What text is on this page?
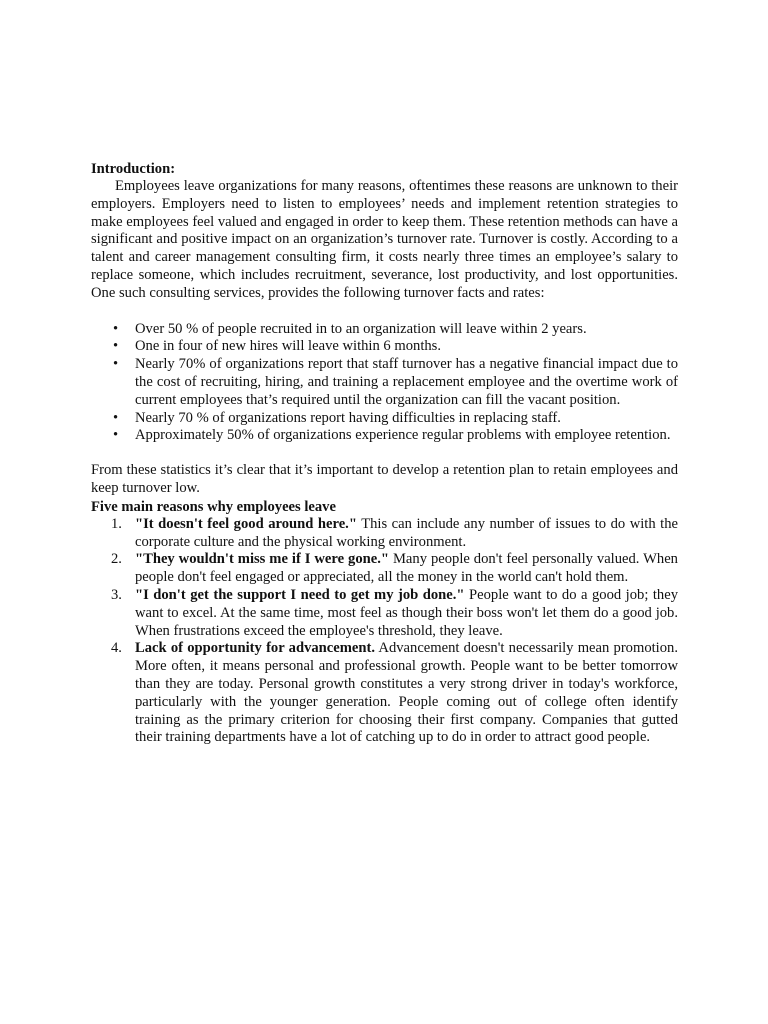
Introduction:

Employees leave organizations for many reasons, oftentimes these reasons are unknown to their employers. Employers need to listen to employees’ needs and implement retention strategies to make employees feel valued and engaged in order to keep them. These retention methods can have a significant and positive impact on an organization’s turnover rate. Turnover is costly. According to a talent and career management consulting firm, it costs nearly three times an employee’s salary to replace someone, which includes recruitment, severance, lost productivity, and lost opportunities. One such consulting services, provides the following turnover facts and rates:

• Over 50 % of people recruited in to an organization will leave within 2 years.
• One in four of new hires will leave within 6 months.
• Nearly 70% of organizations report that staff turnover has a negative financial impact due to the cost of recruiting, hiring, and training a replacement employee and the overtime work of current employees that’s required until the organization can fill the vacant position.
• Nearly 70 % of organizations report having difficulties in replacing staff.
• Approximately 50% of organizations experience regular problems with employee retention.

From these statistics it’s clear that it’s important to develop a retention plan to retain employees and keep turnover low.

Five main reasons why employees leave
1. "It doesn't feel good around here." This can include any number of issues to do with the corporate culture and the physical working environment.
2. "They wouldn't miss me if I were gone." Many people don't feel personally valued. When people don't feel engaged or appreciated, all the money in the world can't hold them.
3. "I don't get the support I need to get my job done." People want to do a good job; they want to excel. At the same time, most feel as though their boss won't let them do a good job. When frustrations exceed the employee's threshold, they leave.
4. Lack of opportunity for advancement. Advancement doesn't necessarily mean promotion. More often, it means personal and professional growth. People want to be better tomorrow than they are today. Personal growth constitutes a very strong driver in today's workforce, particularly with the younger generation. People coming out of college often identify training as the primary criterion for choosing their first company. Companies that gutted their training departments have a lot of catching up to do in order to attract good people.
